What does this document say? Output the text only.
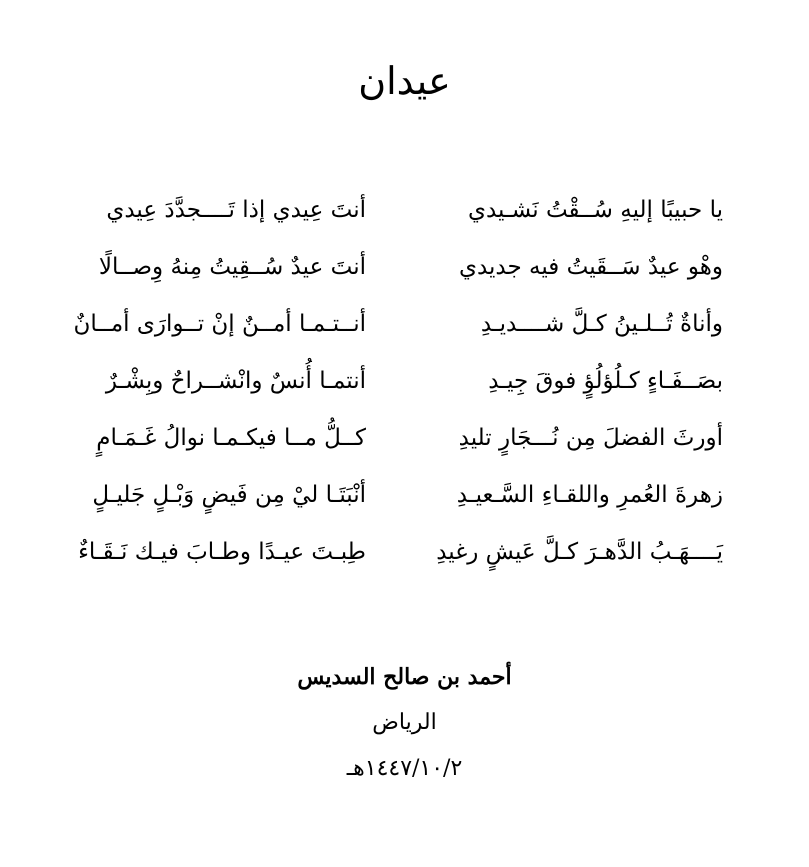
عيدان
أنتَ عِيدي إذا تَــــجدَّدَ عِيدي	يا حبيبًا إليهِ سُــقْتُ نَشـيدي
أنتَ عيدٌ سُــقِيتُ مِنهُ وِصــالًا	وهْو عيدٌ سَــقَيتُ فيه جديدي
أنــتـمـا أمــنٌ إنْ تــوارَى أمــانٌ	وأناةٌ تُــلـينُ كـلَّ شــــديـدِ
أنتمـا أُنسٌ وانْشــراحٌ وبِشْـرٌ	بصَــفَـاءٍ كـلُؤلُؤٍ فوقَ جِيـدِ
كــلُّ مــا فيكـمـا نوالُ غَـمَـامٍ	أورثَ الفضلَ مِن نُـــجَارٍ تليدِ
أنْبَتَـا ليْ مِن فَيضٍ وَبْـلٍ جَليـلٍ	زهرةَ العُمرِ واللقـاءِ السَّـعيـدِ
طِبـتَ عيـدًا وطـابَ فيـك نَـقَـاءٌ	يَــــهَـبُ الدَّهـرَ كـلَّ عَيشٍ رغيدِ
أحمد بن صالح السديس
الرياض
١٤٤٧/١٠/٢هـ
